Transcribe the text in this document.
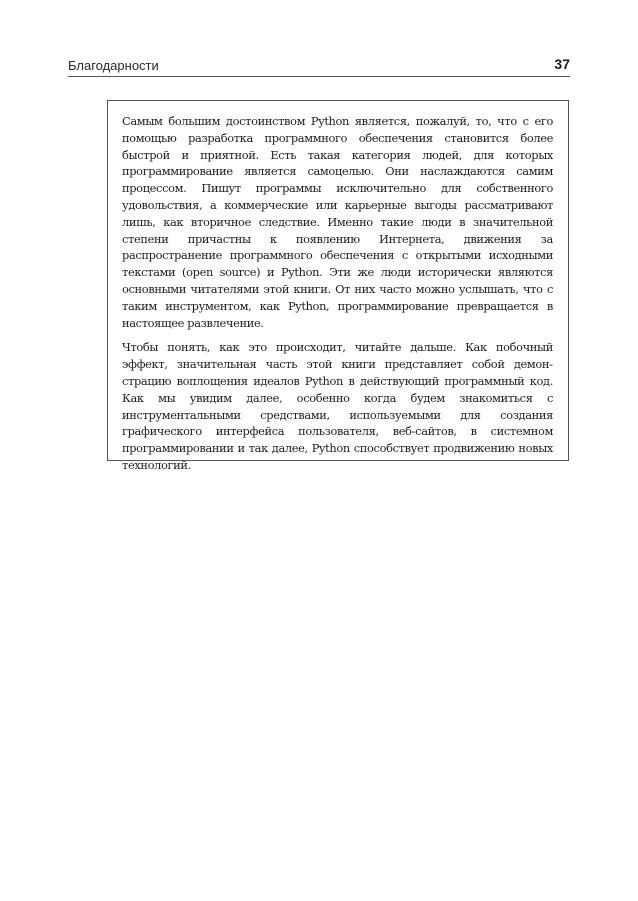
Благодарности	37

Самым большим достоинством Python является, пожалуй, то, что с его помощью разработка программного обеспечения становится более быстрой и приятной. Есть такая категория людей, для которых программирование является самоцелью. Они наслаждаются самим процессом. Пишут программы исключительно для собственного удовольствия, а коммерческие или карьерные выгоды рассматривают лишь, как вторичное следствие. Именно такие люди в значительной степени причастны к появлению Интернета, движения за распространение программного обеспечения с открытыми исходными текстами (open source) и Python. Эти же люди исторически являются основными читателями этой книги. От них часто можно услышать, что с таким инструментом, как Python, программирование превращается в настоящее развлечение.

Чтобы понять, как это происходит, читайте дальше. Как побочный эффект, значительная часть этой книги представляет собой демонстрацию воплощения идеалов Python в действующий программный код. Как мы увидим далее, особенно когда будем знакомиться с инструментальными средствами, используемыми для создания графического интерфейса пользователя, веб-сайтов, в системном программировании и так далее, Python способствует продвижению новых технологий.
